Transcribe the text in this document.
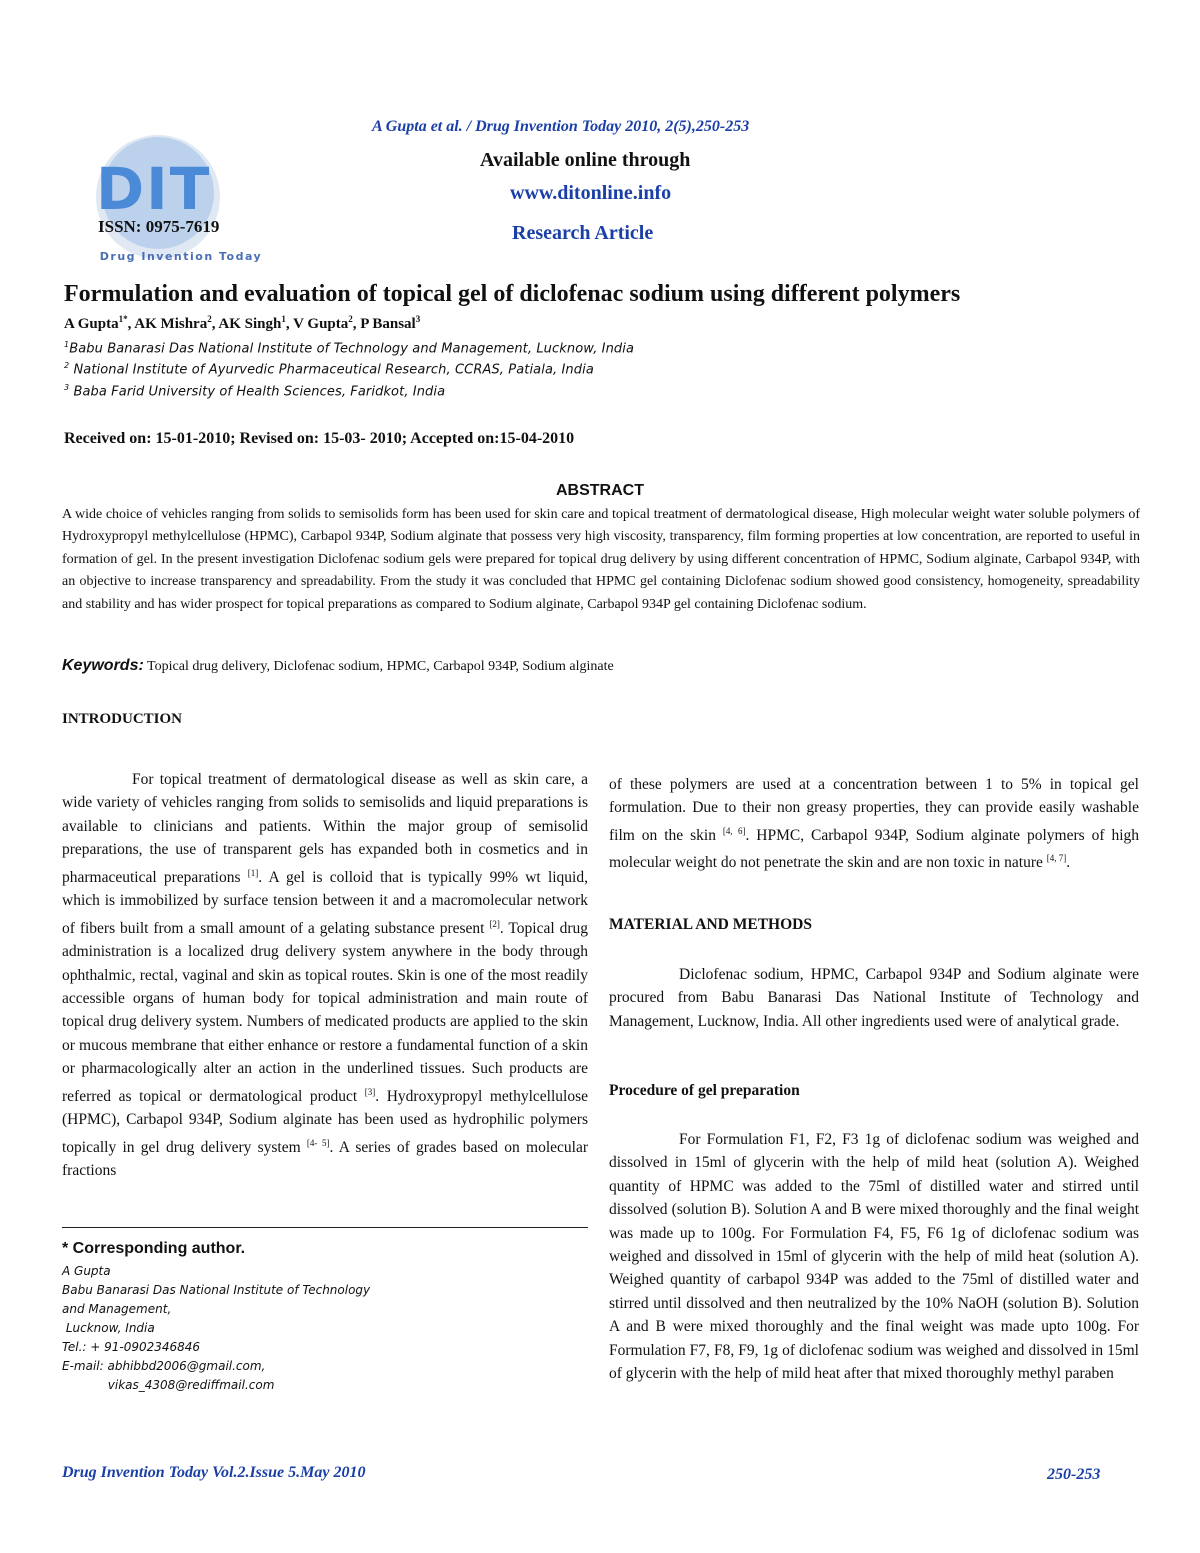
DIT
ISSN: 0975-7619
Drug Invention Today
A Gupta et al. / Drug Invention Today 2010, 2(5),250-253
Available online through
www.ditonline.info
Research Article
Formulation and evaluation of topical gel of diclofenac sodium using different polymers
A Gupta$^{1*}$, AK Mishra$^2$, AK Singh$^1$, V Gupta$^2$, P Bansal$^3$
$^1$Babu Banarasi Das National Institute of Technology and Management, Lucknow, India
$^2$ National Institute of Ayurvedic Pharmaceutical Research, CCRAS, Patiala, India
$^3$ Baba Farid University of Health Sciences, Faridkot, India
Received on: 15-01-2010; Revised on: 15-03- 2010; Accepted on:15-04-2010
ABSTRACT
A wide choice of vehicles ranging from solids to semisolids form has been used for skin care and topical treatment of dermatological disease, High molecular weight water soluble polymers of Hydroxypropyl methylcellulose (HPMC), Carbapol 934P, Sodium alginate that possess very high viscosity, transparency, film forming properties at low concentration, are reported to useful in formation of gel. In the present investigation Diclofenac sodium gels were prepared for topical drug delivery by using different concentration of HPMC, Sodium alginate, Carbapol 934P, with an objective to increase transparency and spreadability. From the study it was concluded that HPMC gel containing Diclofenac sodium showed good consistency, homogeneity, spreadability and stability and has wider prospect for topical preparations as compared to Sodium alginate, Carbapol 934P gel containing Diclofenac sodium.
Keywords: Topical drug delivery, Diclofenac sodium, HPMC, Carbapol 934P, Sodium alginate
INTRODUCTION

For topical treatment of dermatological disease as well as skin care, a wide variety of vehicles ranging from solids to semisolids and liquid preparations is available to clinicians and patients. Within the major group of semisolid preparations, the use of transparent gels has expanded both in cosmetics and in pharmaceutical preparations [1]. A gel is colloid that is typically 99% wt liquid, which is immobilized by surface tension between it and a macromolecular network of fibers built from a small amount of a gelating substance present [2]. Topical drug administration is a localized drug delivery system anywhere in the body through ophthalmic, rectal, vaginal and skin as topical routes. Skin is one of the most readily accessible organs of human body for topical administration and main route of topical drug delivery system. Numbers of medicated products are applied to the skin or mucous membrane that either enhance or restore a fundamental function of a skin or pharmacologically alter an action in the underlined tissues. Such products are referred as topical or dermatological product [3]. Hydroxypropyl methylcellulose (HPMC), Carbapol 934P, Sodium alginate has been used as hydrophilic polymers topically in gel drug delivery system [4- 5]. A series of grades based on molecular fractions

of these polymers are used at a concentration between 1 to 5% in topical gel formulation. Due to their non greasy properties, they can provide easily washable film on the skin [4, 6]. HPMC, Carbapol 934P, Sodium alginate polymers of high molecular weight do not penetrate the skin and are non toxic in nature [4, 7].

MATERIAL AND METHODS

Diclofenac sodium, HPMC, Carbapol 934P and Sodium alginate were procured from Babu Banarasi Das National Institute of Technology and Management, Lucknow, India. All other ingredients used were of analytical grade.

Procedure of gel preparation

For Formulation F1, F2, F3 1g of diclofenac sodium was weighed and dissolved in 15ml of glycerin with the help of mild heat (solution A). Weighed quantity of HPMC was added to the 75ml of distilled water and stirred until dissolved (solution B). Solution A and B were mixed thoroughly and the final weight was made up to 100g. For Formulation F4, F5, F6 1g of diclofenac sodium was weighed and dissolved in 15ml of glycerin with the help of mild heat (solution A). Weighed quantity of carbapol 934P was added to the 75ml of distilled water and stirred until dissolved and then neutralized by the 10% NaOH (solution B). Solution A and B were mixed thoroughly and the final weight was made upto 100g. For Formulation F7, F8, F9, 1g of diclofenac sodium was weighed and dissolved in 15ml of glycerin with the help of mild heat after that mixed thoroughly methyl paraben

* Corresponding author.
A Gupta
Babu Banarasi Das National Institute of Technology
and Management,
Lucknow, India
Tel.: + 91-0902346846
E-mail: abhibbd2006@gmail.com,
vikas_4308@rediffmail.com
Drug Invention Today Vol.2.Issue 5.May 2010	250-253
